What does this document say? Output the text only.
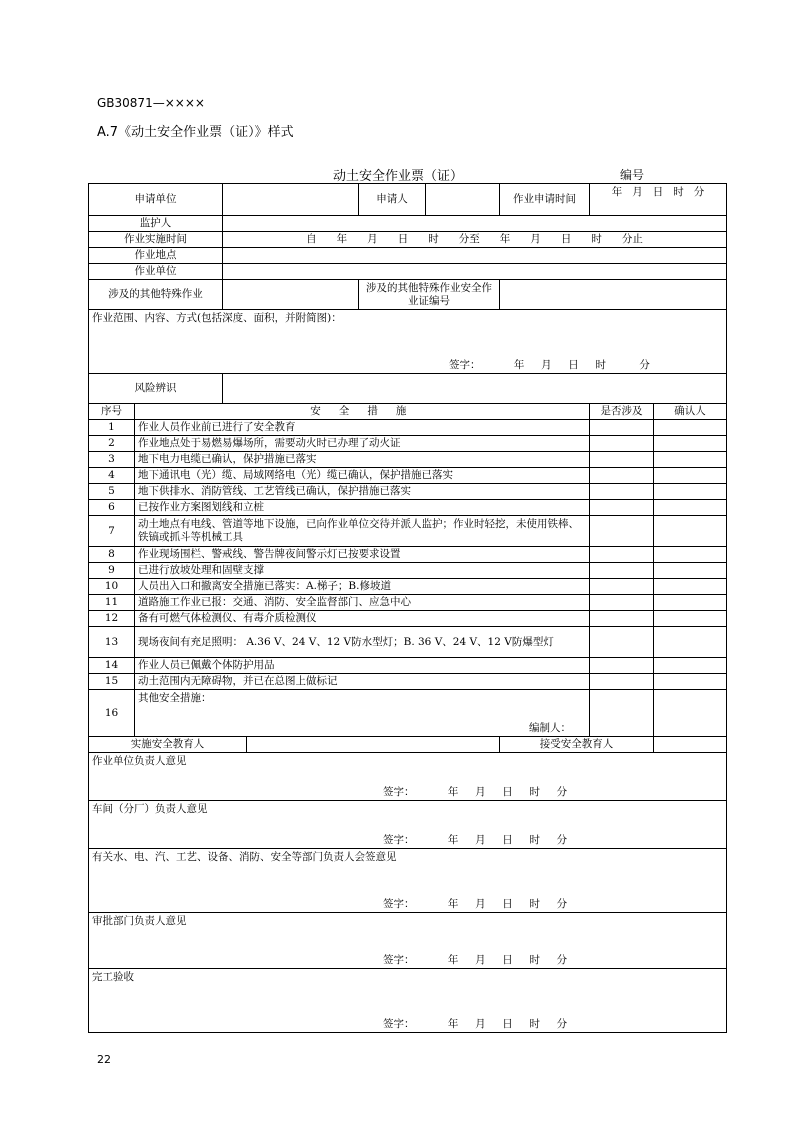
GB30871—××××
A.7《动土安全作业票（证）》样式
动土安全作业票（证）	编号
申请单位				申请人		作业申请时间	年   月   日   时   分	
监护人								
作业实施时间		自      年      月      日      时      分至      年      月      日      时      分止						
作业地点								
作业单位								
涉及的其他特殊作业				涉及的其他特殊作业安全作业证编号				
作业范围、内容、方式(包括深度、面积，并附简图)：
签字：          年     月     日     时          分								

风险辨识								
序号	安 全 措 施						是否涉及	确认人
1	作业人员作业前已进行了安全教育							
2	作业地点处于易燃易爆场所，需要动火时已办理了动火证							
3	地下电力电缆已确认，保护措施已落实							
4	地下通讯电（光）缆、局域网络电（光）缆已确认，保护措施已落实							
5	地下供排水、消防管线、工艺管线已确认，保护措施已落实							
6	已按作业方案图划线和立桩							
7	动土地点有电线、管道等地下设施，已向作业单位交待并派人监护；作业时轻挖，未使用铁棒、铁镐或抓斗等机械工具							
8	作业现场围栏、警戒线、警告牌夜间警示灯已按要求设置							
9	已进行放坡处理和固壁支撑							
10	人员出入口和撤离安全措施已落实：A.梯子；B.修坡道							
11	道路施工作业已报：交通、消防、安全监督部门、应急中心							
12	备有可燃气体检测仪、有毒介质检测仪							
13	现场夜间有充足照明： A.36 V、24 V、12 V防水型灯；B. 36 V、24 V、12 V防爆型灯							
14	作业人员已佩戴个体防护用品							
15	动土范围内无障碍物，并已在总图上做标记							
16	其他安全措施：
编制人：							

实施安全教育人						接受安全教育人		
作业单位负责人意见
签字：          年     月     日     时     分								

车间（分厂）负责人意见
签字：          年     月     日     时     分								

有关水、电、汽、工艺、设备、消防、安全等部门负责人会签意见
签字：          年     月     日     时     分								

审批部门负责人意见
签字：          年     月     日     时     分								

完工验收
签字：          年     月     日     时     分								
22
